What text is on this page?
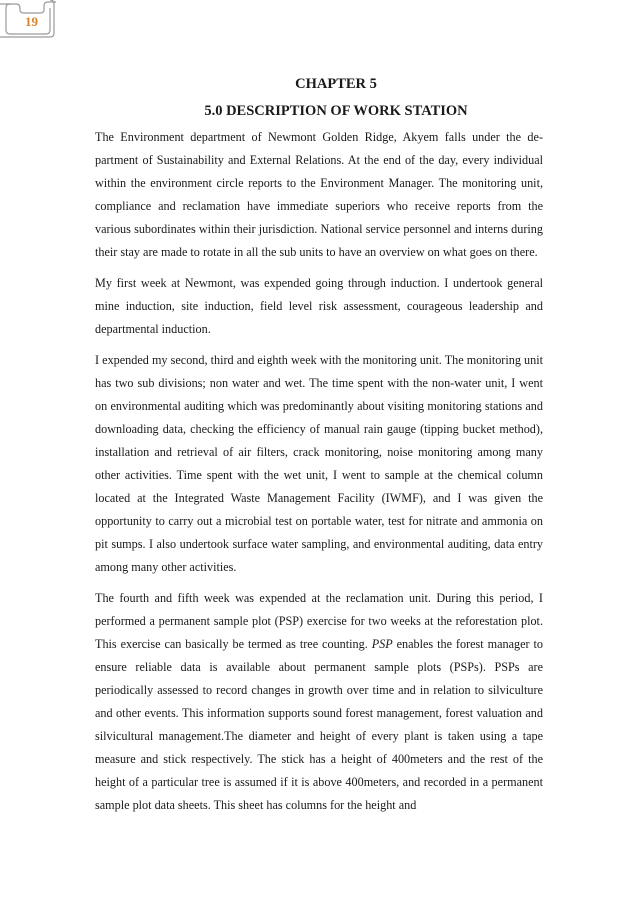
19
CHAPTER 5
5.0 DESCRIPTION OF WORK STATION

The Environment department of Newmont Golden Ridge, Akyem falls under the department of Sustainability and External Relations. At the end of the day, every individual within the environment circle reports to the Environment Manager. The monitoring unit, compliance and reclamation have immediate superiors who receive reports from the various subordinates within their jurisdiction. National service personnel and interns during their stay are made to rotate in all the sub units to have an overview on what goes on there.

My first week at Newmont, was expended going through induction. I undertook general mine induction, site induction, field level risk assessment, courageous leadership and departmental induction.

I expended my second, third and eighth week with the monitoring unit. The monitoring unit has two sub divisions; non water and wet. The time spent with the non-water unit, I went on environmental auditing which was predominantly about visiting monitoring stations and downloading data, checking the efficiency of manual rain gauge (tipping bucket method), installation and retrieval of air filters, crack monitoring, noise monitoring among many other activities. Time spent with the wet unit, I went to sample at the chemical column located at the Integrated Waste Management Facility (IWMF), and I was given the opportunity to carry out a microbial test on portable water, test for nitrate and ammonia on pit sumps. I also undertook surface water sampling, and environmental auditing, data entry among many other activities.

The fourth and fifth week was expended at the reclamation unit. During this period, I performed a permanent sample plot (PSP) exercise for two weeks at the reforestation plot. This exercise can basically be termed as tree counting. PSP enables the forest manager to ensure reliable data is available about permanent sample plots (PSPs). PSPs are periodically assessed to record changes in growth over time and in relation to silviculture and other events. This information supports sound forest management, forest valuation and silvicultural management.The diameter and height of every plant is taken using a tape measure and stick respectively. The stick has a height of 400meters and the rest of the height of a particular tree is assumed if it is above 400meters, and recorded in a permanent sample plot data sheets. This sheet has columns for the height and
